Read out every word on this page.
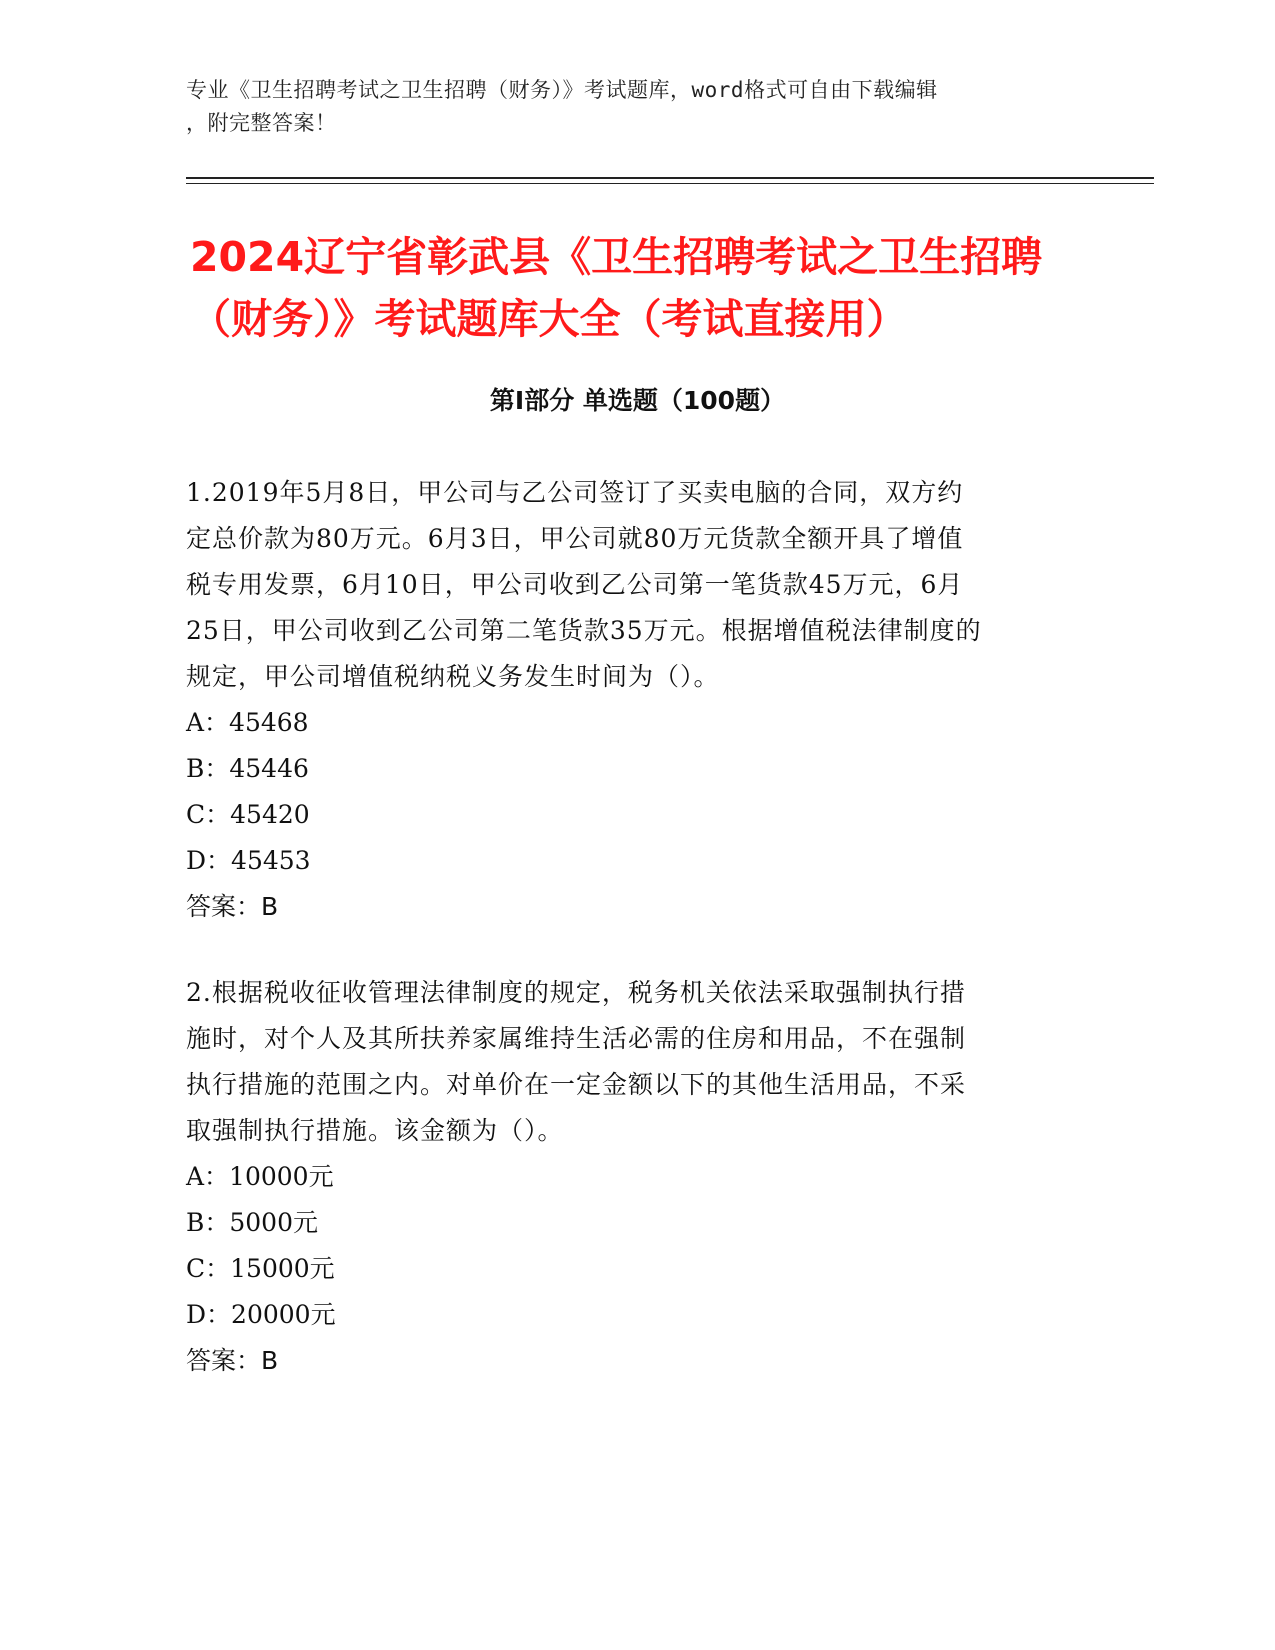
专业《卫生招聘考试之卫生招聘（财务）》考试题库，word格式可自由下载编辑
，附完整答案！
2024辽宁省彰武县《卫生招聘考试之卫生招聘（财务）》考试题库大全（考试直接用）
第Ⅰ部分 单选题（100题）

1.2019年5月8日，甲公司与乙公司签订了买卖电脑的合同，双方约

定总价款为80万元。6月3日，甲公司就80万元货款全额开具了增值

税专用发票，6月10日，甲公司收到乙公司第一笔货款45万元，6月

25日，甲公司收到乙公司第二笔货款35万元。根据增值税法律制度的

规定，甲公司增值税纳税义务发生时间为（）。

A：45468

B：45446

C：45420

D：45453

答案：B

2.根据税收征收管理法律制度的规定，税务机关依法采取强制执行措

施时，对个人及其所扶养家属维持生活必需的住房和用品，不在强制

执行措施的范围之内。对单价在一定金额以下的其他生活用品，不采

取强制执行措施。该金额为（）。

A：10000元

B：5000元

C：15000元

D：20000元

答案：B
